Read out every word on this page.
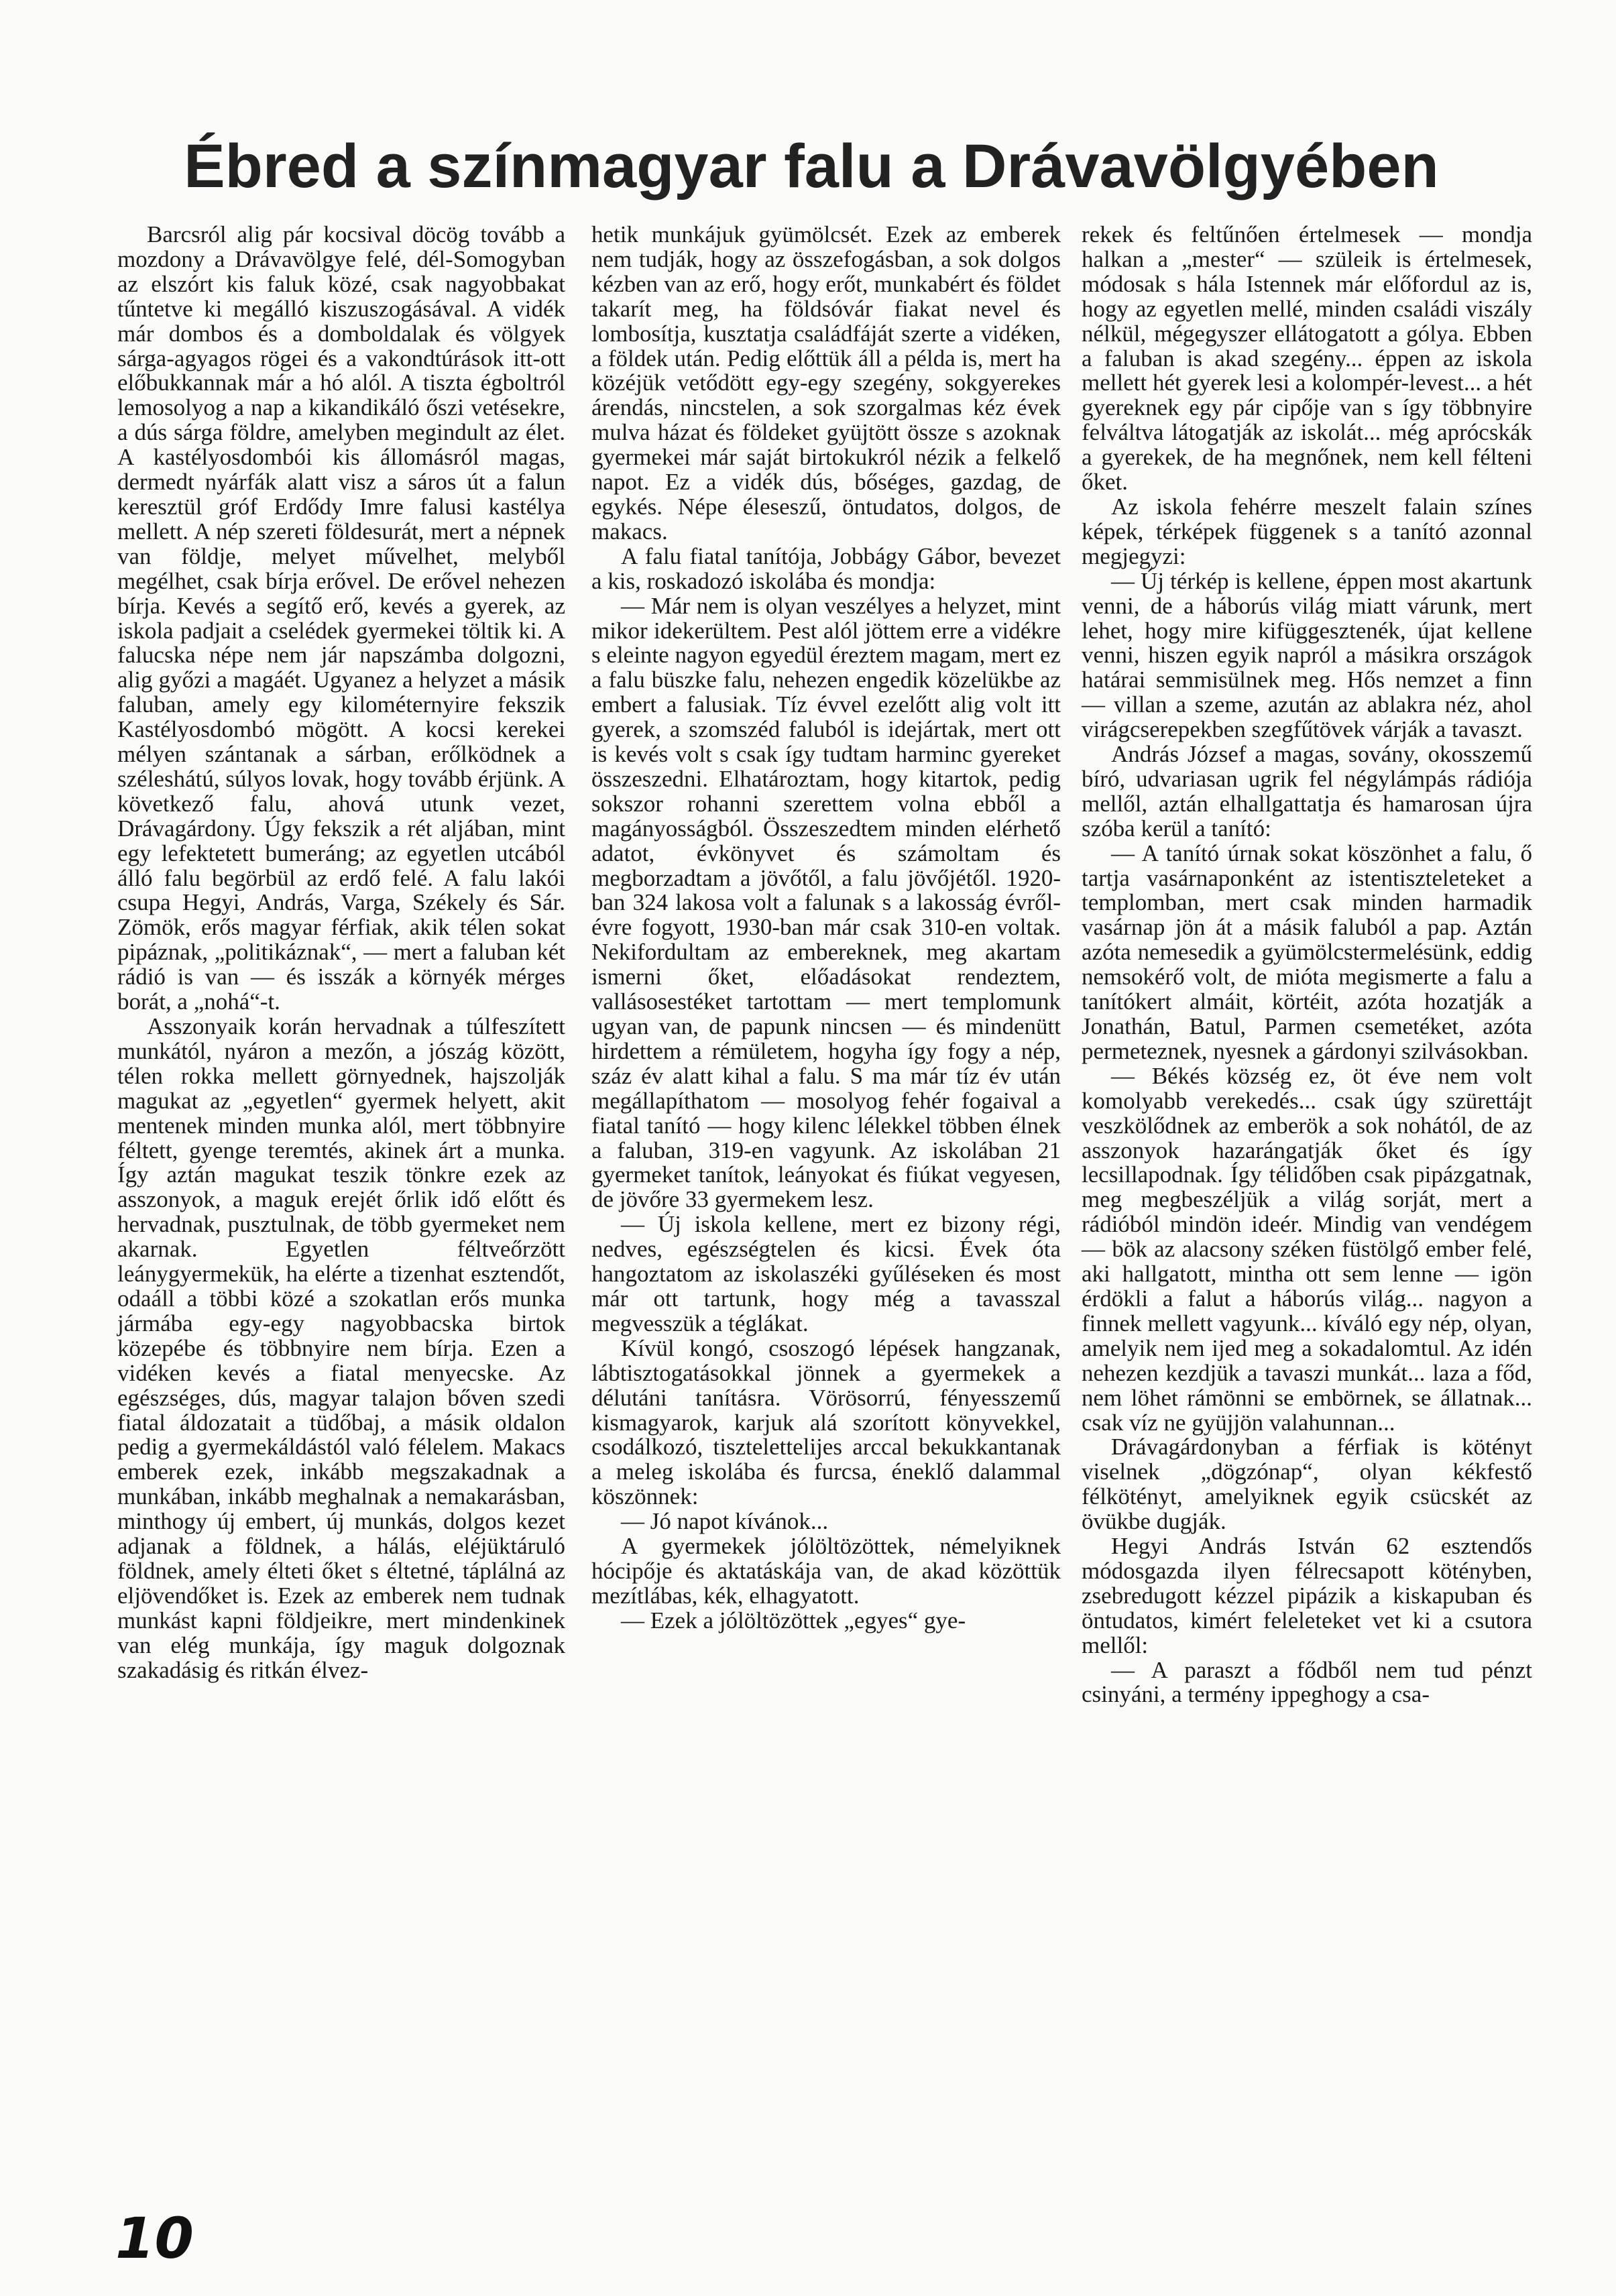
Ébred a színmagyar falu a Drávavölgyében

Barcsról alig pár kocsival döcög tovább a mozdony a Drávavölgye felé, dél-Somogyban az elszórt kis faluk közé, csak nagyobbakat tűntetve ki megálló kiszuszogásával. A vidék már dombos és a domboldalak és völgyek sárga-agyagos rögei és a vakondtúrások itt-ott előbukkannak már a hó alól. A tiszta égboltról lemosolyog a nap a kikandikáló őszi vetésekre, a dús sárga földre, amelyben megindult az élet. A kastélyosdombói kis állomásról magas, dermedt nyárfák alatt visz a sáros út a falun keresztül gróf Erdődy Imre falusi kastélya mellett. A nép szereti földesurát, mert a népnek van földje, melyet művelhet, melyből megélhet, csak bírja erővel. De erővel nehezen bírja. Kevés a segítő erő, kevés a gyerek, az iskola padjait a cselédek gyermekei töltik ki. A falucska népe nem jár napszámba dolgozni, alig győzi a magáét. Ugyanez a helyzet a másik faluban, amely egy kilométernyire fekszik Kastélyosdombó mögött. A kocsi kerekei mélyen szántanak a sárban, erőlködnek a széleshátú, súlyos lovak, hogy tovább érjünk. A következő falu, ahová utunk vezet, Drávagárdony. Úgy fekszik a rét aljában, mint egy lefektetett bumeráng; az egyetlen utcából álló falu begörbül az erdő felé. A falu lakói csupa Hegyi, András, Varga, Székely és Sár. Zömök, erős magyar férfiak, akik télen sokat pipáznak, „politikáznak“, — mert a faluban két rádió is van — és isszák a környék mérges borát, a „nohá“-t.

Asszonyaik korán hervadnak a túlfeszített munkától, nyáron a mezőn, a jószág között, télen rokka mellett görnyednek, hajszolják magukat az „egyetlen“ gyermek helyett, akit mentenek minden munka alól, mert többnyire féltett, gyenge teremtés, akinek árt a munka. Így aztán magukat teszik tönkre ezek az asszonyok, a maguk erejét őrlik idő előtt és hervadnak, pusztulnak, de több gyermeket nem akarnak. Egyetlen féltveőrzött leánygyermekük, ha elérte a tizenhat esztendőt, odaáll a többi közé a szokatlan erős munka jármába egy-egy nagyobbacska birtok közepébe és többnyire nem bírja. Ezen a vidéken kevés a fiatal menyecske. Az egészséges, dús, magyar talajon bőven szedi fiatal áldozatait a tüdőbaj, a másik oldalon pedig a gyermekáldástól való félelem. Makacs emberek ezek, inkább megszakadnak a munkában, inkább meghalnak a nemakarásban, minthogy új embert, új munkás, dolgos kezet adjanak a földnek, a hálás, eléjüktáruló földnek, amely élteti őket s éltetné, táplálná az eljövendőket is. Ezek az emberek nem tudnak munkást kapni földjeikre, mert mindenkinek van elég munkája, így maguk dolgoznak szakadásig és ritkán élvez-

hetik munkájuk gyümölcsét. Ezek az emberek nem tudják, hogy az összefogásban, a sok dolgos kézben van az erő, hogy erőt, munkabért és földet takarít meg, ha földsóvár fiakat nevel és lombosítja, kusztatja családfáját szerte a vidéken, a földek után. Pedig előttük áll a példa is, mert ha közéjük vetődött egy-egy szegény, sokgyerekes árendás, nincstelen, a sok szorgalmas kéz évek mulva házat és földeket gyüjtött össze s azoknak gyermekei már saját birtokukról nézik a felkelő napot. Ez a vidék dús, bőséges, gazdag, de egykés. Népe éleseszű, öntudatos, dolgos, de makacs.

A falu fiatal tanítója, Jobbágy Gábor, bevezet a kis, roskadozó iskolába és mondja:

— Már nem is olyan veszélyes a helyzet, mint mikor idekerültem. Pest alól jöttem erre a vidékre s eleinte nagyon egyedül éreztem magam, mert ez a falu büszke falu, nehezen engedik közelükbe az embert a falusiak. Tíz évvel ezelőtt alig volt itt gyerek, a szomszéd faluból is idejártak, mert ott is kevés volt s csak így tudtam harminc gyereket összeszedni. Elhatároztam, hogy kitartok, pedig sokszor rohanni szerettem volna ebből a magányosságból. Összeszedtem minden elérhető adatot, évkönyvet és számoltam és megborzadtam a jövőtől, a falu jövőjétől. 1920-ban 324 lakosa volt a falunak s a lakosság évről-évre fogyott, 1930-ban már csak 310-en voltak. Nekifordultam az embereknek, meg akartam ismerni őket, előadásokat rendeztem, vallásosestéket tartottam — mert templomunk ugyan van, de papunk nincsen — és mindenütt hirdettem a rémületem, hogyha így fogy a nép, száz év alatt kihal a falu. S ma már tíz év után megállapíthatom — mosolyog fehér fogaival a fiatal tanító — hogy kilenc lélekkel többen élnek a faluban, 319-en vagyunk. Az iskolában 21 gyermeket tanítok, leányokat és fiúkat vegyesen, de jövőre 33 gyermekem lesz.

— Új iskola kellene, mert ez bizony régi, nedves, egészségtelen és kicsi. Évek óta hangoztatom az iskolaszéki gyűléseken és most már ott tartunk, hogy még a tavasszal megvesszük a téglákat.

Kívül kongó, csoszogó lépések hangzanak, lábtisztogatásokkal jönnek a gyermekek a délutáni tanításra. Vörösorrú, fényesszemű kismagyarok, karjuk alá szorított könyvekkel, csodálkozó, tisztelettelijes arccal bekukkantanak a meleg iskolába és furcsa, éneklő dalammal köszönnek:

— Jó napot kívánok...

A gyermekek jólöltözöttek, némelyiknek hócipője és aktatáskája van, de akad közöttük mezítlábas, kék, elhagyatott.

— Ezek a jólöltözöttek „egyes“ gye-

rekek és feltűnően értelmesek — mondja halkan a „mester“ — szüleik is értelmesek, módosak s hála Istennek már előfordul az is, hogy az egyetlen mellé, minden családi viszály nélkül, mégegyszer ellátogatott a gólya. Ebben a faluban is akad szegény... éppen az iskola mellett hét gyerek lesi a kolompér-levest... a hét gyereknek egy pár cipője van s így többnyire felváltva látogatják az iskolát... még aprócskák a gyerekek, de ha megnőnek, nem kell félteni őket.

Az iskola fehérre meszelt falain színes képek, térképek függenek s a tanító azonnal megjegyzi:

— Új térkép is kellene, éppen most akartunk venni, de a háborús világ miatt várunk, mert lehet, hogy mire kifüggesztenék, újat kellene venni, hiszen egyik napról a másikra országok határai semmisülnek meg. Hős nemzet a finn — villan a szeme, azután az ablakra néz, ahol virágcserepekben szegfűtövek várják a tavaszt.

András József a magas, sovány, okosszemű bíró, udvariasan ugrik fel négylámpás rádiója mellől, aztán elhallgattatja és hamarosan újra szóba kerül a tanító:

— A tanító úrnak sokat köszönhet a falu, ő tartja vasárnaponként az istentiszteleteket a templomban, mert csak minden harmadik vasárnap jön át a másik faluból a pap. Aztán azóta nemesedik a gyümölcstermelésünk, eddig nemsokérő volt, de mióta megismerte a falu a tanítókert almáit, körtéit, azóta hozatják a Jonathán, Batul, Parmen csemetéket, azóta permeteznek, nyesnek a gárdonyi szilvásokban.

— Békés község ez, öt éve nem volt komolyabb verekedés... csak úgy szürettájt veszkölődnek az emberök a sok nohától, de az asszonyok hazarángatják őket és így lecsillapodnak. Így télidőben csak pipázgatnak, meg megbeszéljük a világ sorját, mert a rádióból mindön ideér. Mindig van vendégem — bök az alacsony széken füstölgő ember felé, aki hallgatott, mintha ott sem lenne — igön érdökli a falut a háborús világ... nagyon a finnek mellett vagyunk... kíváló egy nép, olyan, amelyik nem ijed meg a sokadalomtul. Az idén nehezen kezdjük a tavaszi munkát... laza a főd, nem löhet rámönni se embörnek, se állatnak... csak víz ne gyüjjön valahunnan...

Drávagárdonyban a férfiak is kötényt viselnek „dögzónap“, olyan kékfestő félkötényt, amelyiknek egyik csücskét az övükbe dugják.

Hegyi András István 62 esztendős módosgazda ilyen félrecsapott kötényben, zsebredugott kézzel pipázik a kiskapuban és öntudatos, kimért feleleteket vet ki a csutora mellől:

— A paraszt a fődből nem tud pénzt csinyáni, a termény ippeghogy a csa-

10
